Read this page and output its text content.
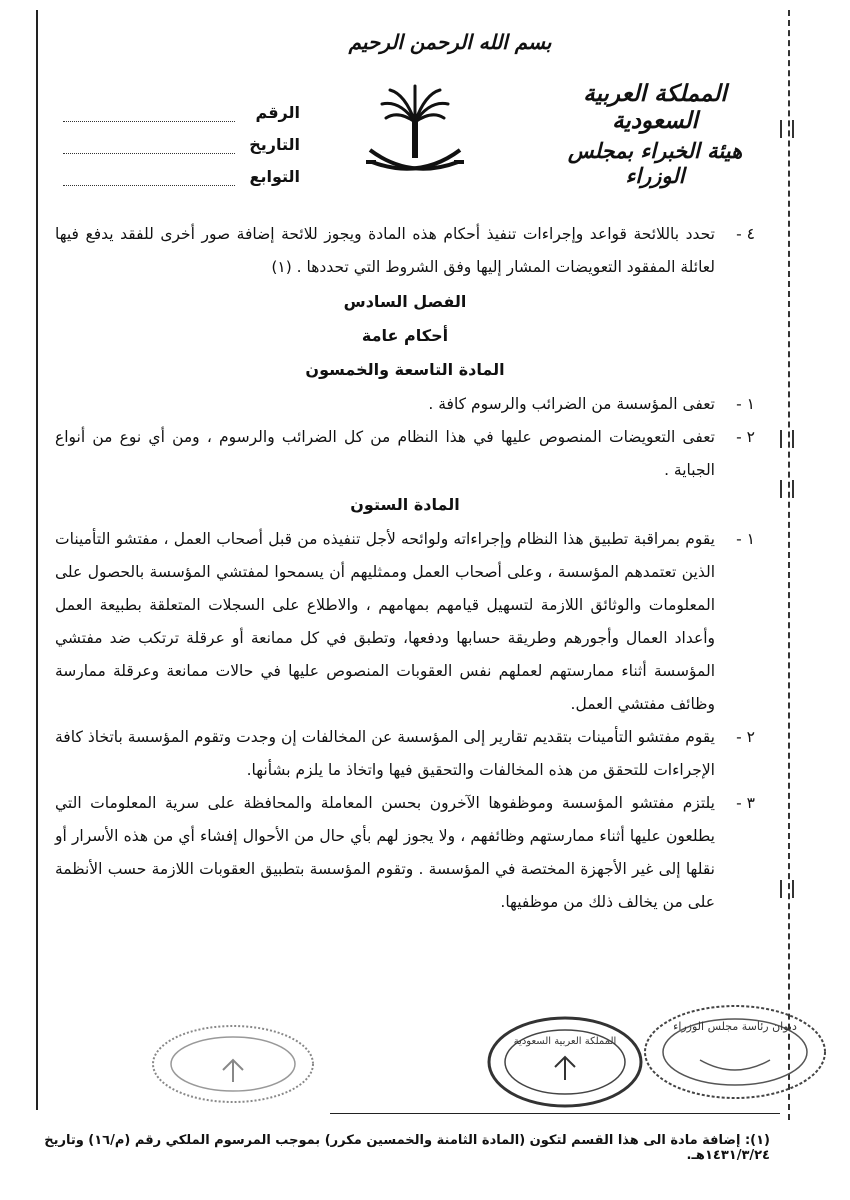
بسم الله الرحمن الرحيم
المملكة العربية السعودية
هيئة الخبراء بمجلس الوزراء
الرقم
التاريخ
التوابع
٤ -

تحدد باللائحة قواعد وإجراءات تنفيذ أحكام هذه المادة ويجوز للائحة إضافة صور أخرى للفقد يدفع فيها لعائلة المفقود التعويضات المشار إليها وفق الشروط التي تحددها . (١)

الفصل السادس
أحكام عامة
المادة التاسعة والخمسون
١ -

تعفى المؤسسة من الضرائب والرسوم كافة .

٢ -

تعفى التعويضات المنصوص عليها في هذا النظام من كل الضرائب والرسوم ، ومن أي نوع من أنواع الجباية .

المادة الستون
١ -

يقوم بمراقبة تطبيق هذا النظام وإجراءاته ولوائحه لأجل تنفيذه من قبل أصحاب العمل ، مفتشو التأمينات الذين تعتمدهم المؤسسة ، وعلى أصحاب العمل وممثليهم أن يسمحوا لمفتشي المؤسسة بالحصول على المعلومات والوثائق اللازمة لتسهيل قيامهم بمهامهم ، والاطلاع على السجلات المتعلقة بطبيعة العمل وأعداد العمال وأجورهم وطريقة حسابها ودفعها، وتطبق في كل ممانعة أو عرقلة ترتكب ضد مفتشي المؤسسة أثناء ممارستهم لعملهم نفس العقوبات المنصوص عليها في حالات ممانعة وعرقلة ممارسة وظائف مفتشي العمل.

٢ -

يقوم مفتشو التأمينات بتقديم تقارير إلى المؤسسة عن المخالفات إن وجدت وتقوم المؤسسة باتخاذ كافة الإجراءات للتحقق من هذه المخالفات والتحقيق فيها واتخاذ ما يلزم بشأنها.

٣ -

يلتزم مفتشو المؤسسة وموظفوها الآخرون بحسن المعاملة والمحافظة على سرية المعلومات التي يطلعون عليها أثناء ممارستهم وظائفهم ، ولا يجوز لهم بأي حال من الأحوال إفشاء أي من هذه الأسرار أو نقلها إلى غير الأجهزة المختصة في المؤسسة . وتقوم المؤسسة بتطبيق العقوبات اللازمة حسب الأنظمة على من يخالف ذلك من موظفيها.

ديوان رئاسة مجلس الوزراء
المملكة العربية السعودية
(١): إضافة مادة الى هذا القسم لتكون (المادة الثامنة والخمسين مكرر) بموجب المرسوم الملكي رقم (م/١٦) وتاريخ ١٤٣١/٣/٢٤هـ.
